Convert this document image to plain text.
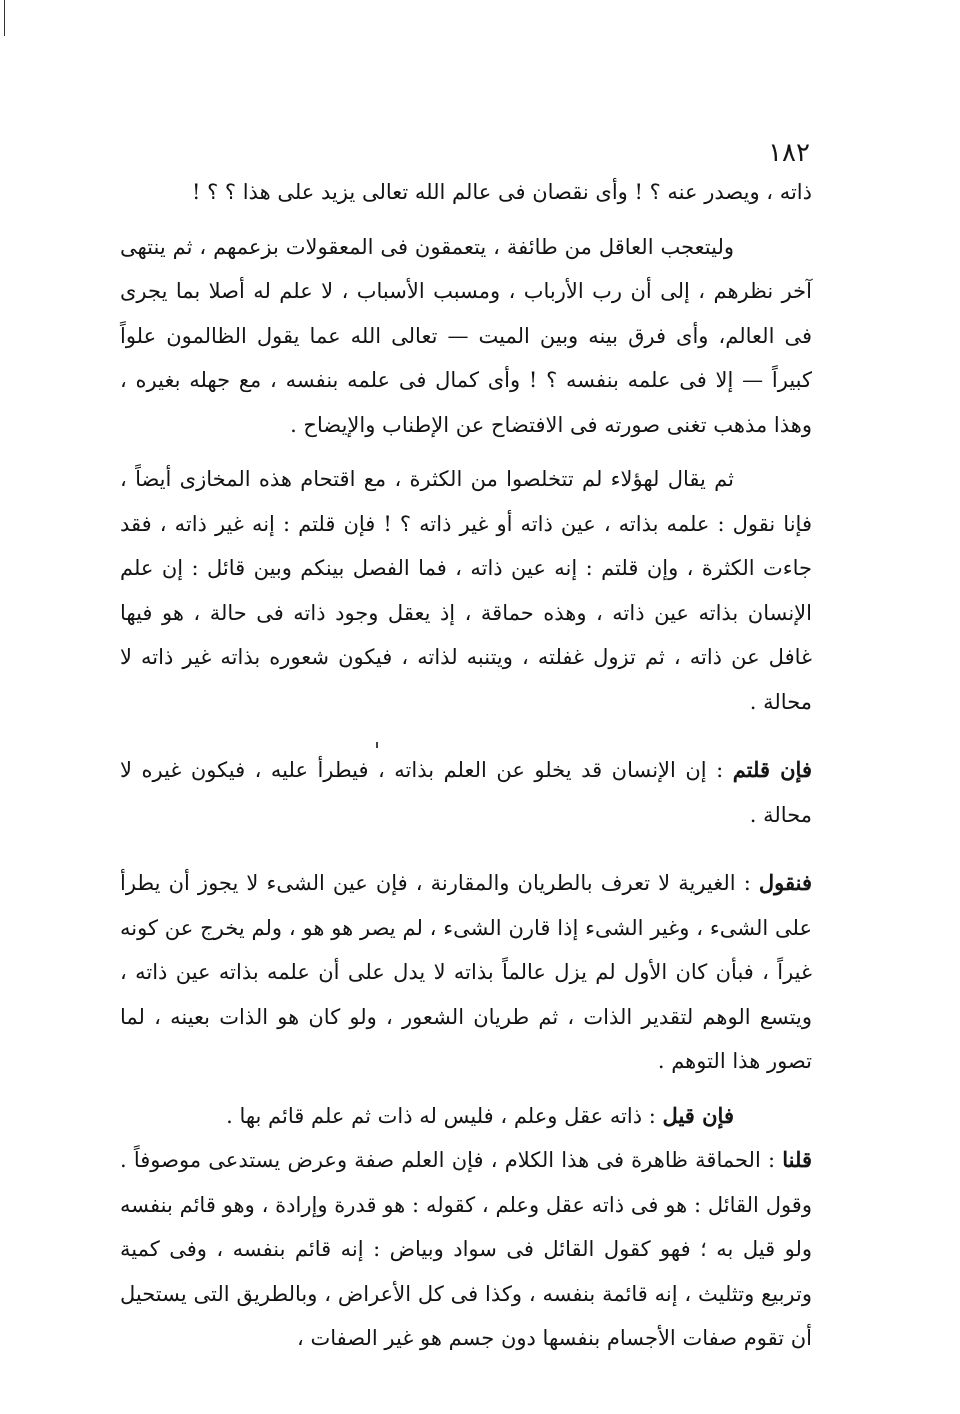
١٨٢

ذاته ، ويصدر عنه ؟ ! وأى نقصان فى عالم الله تعالى يزيد على هذا ؟ ؟ !

وليتعجب العاقل من طائفة ، يتعمقون فى المعقولات بزعمهم ، ثم ينتهى آخر نظرهم ، إلى أن رب الأرباب ، ومسبب الأسباب ، لا علم له أصلا بما يجرى فى العالم، وأى فرق بينه وبين الميت — تعالى الله عما يقول الظالمون علواً كبيراً — إلا فى علمه بنفسه ؟ ! وأى كمال فى علمه بنفسه ، مع جهله بغيره ، وهذا مذهب تغنى صورته فى الافتضاح عن الإطناب والإيضاح .

ثم يقال لهؤلاء لم تتخلصوا من الكثرة ، مع اقتحام هذه المخازى أيضاً ، فإنا نقول : علمه بذاته ، عين ذاته أو غير ذاته ؟ ! فإن قلتم : إنه غير ذاته ، فقد جاءت الكثرة ، وإن قلتم : إنه عين ذاته ، فما الفصل بينكم وبين قائل : إن علم الإنسان بذاته عين ذاته ، وهذه حماقة ، إذ يعقل وجود ذاته فى حالة ، هو فيها غافل عن ذاته ، ثم تزول غفلته ، ويتنبه لذاته ، فيكون شعوره بذاته غير ذاته لا محالة .

فإن قلتم : إن الإنسان قد يخلو عن العلم بذاته ، فيطرأ عليه ، فيكون غيره لا محالة .

فنقول : الغيرية لا تعرف بالطريان والمقارنة ، فإن عين الشىء لا يجوز أن يطرأ على الشىء ، وغير الشىء إذا قارن الشىء ، لم يصر هو هو ، ولم يخرج عن كونه غيراً ، فبأن كان الأول لم يزل عالماً بذاته لا يدل على أن علمه بذاته عين ذاته ، ويتسع الوهم لتقدير الذات ، ثم طريان الشعور ، ولو كان هو الذات بعينه ، لما تصور هذا التوهم .

فإن قيل : ذاته عقل وعلم ، فليس له ذات ثم علم قائم بها .

قلنا : الحماقة ظاهرة فى هذا الكلام ، فإن العلم صفة وعرض يستدعى موصوفاً . وقول القائل : هو فى ذاته عقل وعلم ، كقوله : هو قدرة وإرادة ، وهو قائم بنفسه ولو قيل به ؛ فهو كقول القائل فى سواد وبياض : إنه قائم بنفسه ، وفى كمية وتربيع وتثليث ، إنه قائمة بنفسه ، وكذا فى كل الأعراض ، وبالطريق التى يستحيل أن تقوم صفات الأجسام بنفسها دون جسم هو غير الصفات ،
